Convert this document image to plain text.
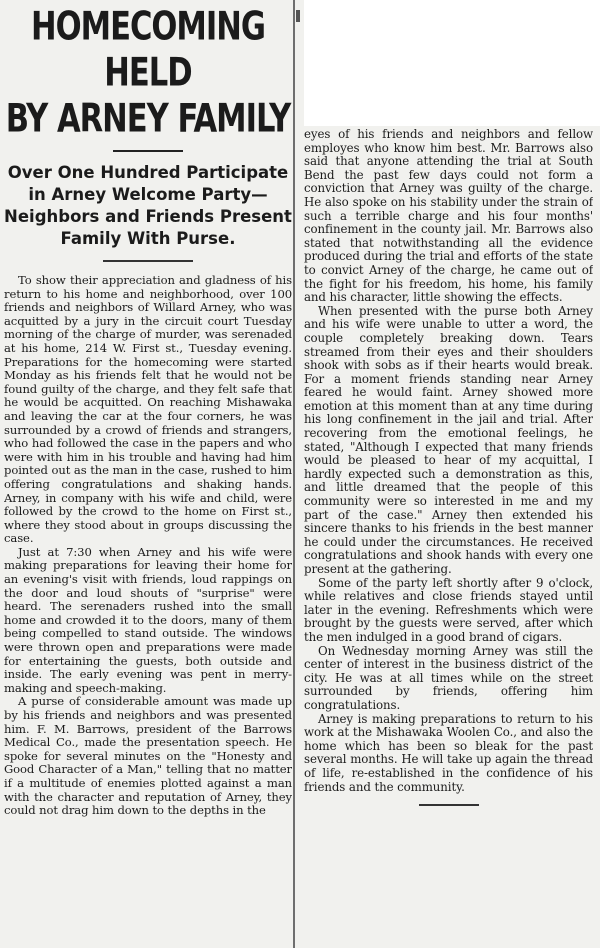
HOMECOMING HELD
BY ARNEY FAMILY
Over One Hundred Participate in Arney Welcome Party— Neighbors and Friends Present Family With Purse.

To show their appreciation and gladness of his return to his home and neighborhood, over 100 friends and neighbors of Willard Arney, who was acquitted by a jury in the circuit court Tuesday morning of the charge of murder, was serenaded at his home, 214 W. First st., Tuesday evening. Preparations for the homecoming were started Monday as his friends felt that he would not be found guilty of the charge, and they felt safe that he would be acquitted. On reaching Mishawaka and leaving the car at the four corners, he was surrounded by a crowd of friends and strangers, who had followed the case in the papers and who were with him in his trouble and having had him pointed out as the man in the case, rushed to him offering congratulations and shaking hands. Arney, in company with his wife and child, were followed by the crowd to the home on First st., where they stood about in groups discussing the case.

Just at 7:30 when Arney and his wife were making preparations for leaving their home for an evening's visit with friends, loud rappings on the door and loud shouts of "surprise" were heard. The serenaders rushed into the small home and crowded it to the doors, many of them being compelled to stand outside. The windows were thrown open and preparations were made for entertaining the guests, both outside and inside. The early evening was pent in merry-making and speech-making.

A purse of considerable amount was made up by his friends and neighbors and was presented him. F. M. Barrows, president of the Barrows Medical Co., made the presentation speech. He spoke for several minutes on the "Honesty and Good Character of a Man," telling that no matter if a multitude of enemies plotted against a man with the character and reputation of Arney, they could not drag him down to the depths in the

eyes of his friends and neighbors and fellow employes who know him best. Mr. Barrows also said that anyone attending the trial at South Bend the past few days could not form a conviction that Arney was guilty of the charge. He also spoke on his stability under the strain of such a terrible charge and his four months' confinement in the county jail. Mr. Barrows also stated that notwithstanding all the evidence produced during the trial and efforts of the state to convict Arney of the charge, he came out of the fight for his freedom, his home, his family and his character, little showing the effects.

When presented with the purse both Arney and his wife were unable to utter a word, the couple completely breaking down. Tears streamed from their eyes and their shoulders shook with sobs as if their hearts would break. For a moment friends standing near Arney feared he would faint. Arney showed more emotion at this moment than at any time during his long confinement in the jail and trial. After recovering from the emotional feelings, he stated, "Although I expected that many friends would be pleased to hear of my acquittal, I hardly expected such a demonstration as this, and little dreamed that the people of this community were so interested in me and my part of the case." Arney then extended his sincere thanks to his friends in the best manner he could under the circumstances. He received congratulations and shook hands with every one present at the gathering.

Some of the party left shortly after 9 o'clock, while relatives and close friends stayed until later in the evening. Refreshments which were brought by the guests were served, after which the men indulged in a good brand of cigars.

On Wednesday morning Arney was still the center of interest in the business district of the city. He was at all times while on the street surrounded by friends, offering him congratulations.

Arney is making preparations to return to his work at the Mishawaka Woolen Co., and also the home which has been so bleak for the past several months. He will take up again the thread of life, re-established in the confidence of his friends and the community.
